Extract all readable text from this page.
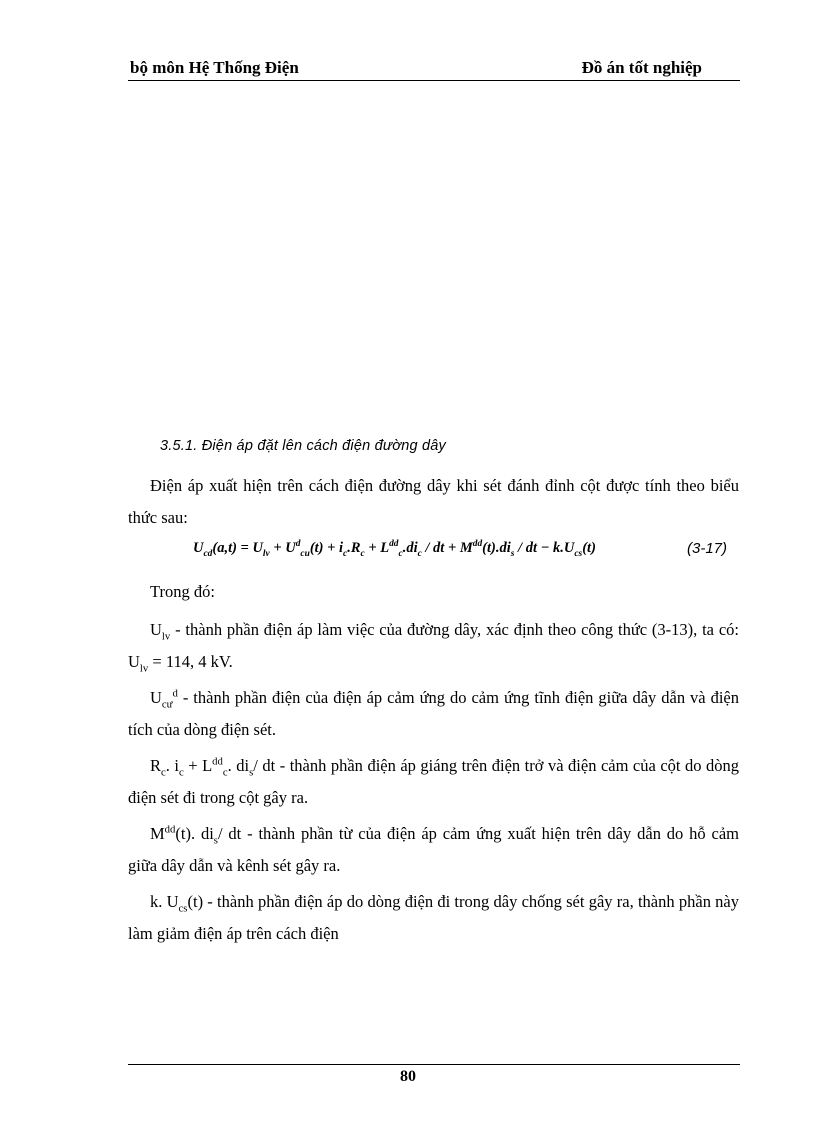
bộ môn Hệ Thống Điện	Đồ án tốt nghiệp
3.5.1. Điện áp đặt lên cách điện đường dây
Điện áp xuất hiện trên cách điện đường dây khi sét đánh đỉnh cột được tính theo biểu thức sau:
$U_{cd}(a,t) = U_{lv} + U^d_{cu}(t) + i_c.R_c + L^{dd}_c.di_c$ / dt + $M^{dd}(t).di_s$ / dt − $k.U_{cs}(t)$	(3-17)
Trong đó:
$U_{lv}$ - thành phần điện áp làm việc của đường dây, xác định theo công thức (3-13), ta có: $U_{lv} = 114$, 4 kV.
$U_{cư}^d$ - thành phần điện của điện áp cảm ứng do cảm ứng tĩnh điện giữa dây dẫn và điện tích của dòng điện sét.
$R_c$. $i_c + L^{dd}_c$. $di_s/$ dt - thành phần điện áp giáng trên điện trở và điện cảm của cột do dòng điện sét đi trong cột gây ra.
$M^{dd}(t)$. $di_s/$ dt - thành phần từ của điện áp cảm ứng xuất hiện trên dây dẫn do hỗ cảm giữa dây dẫn và kênh sét gây ra.
k. $U_{cs}(t)$ - thành phần điện áp do dòng điện đi trong dây chống sét gây ra, thành phần này làm giảm điện áp trên cách điện
80
